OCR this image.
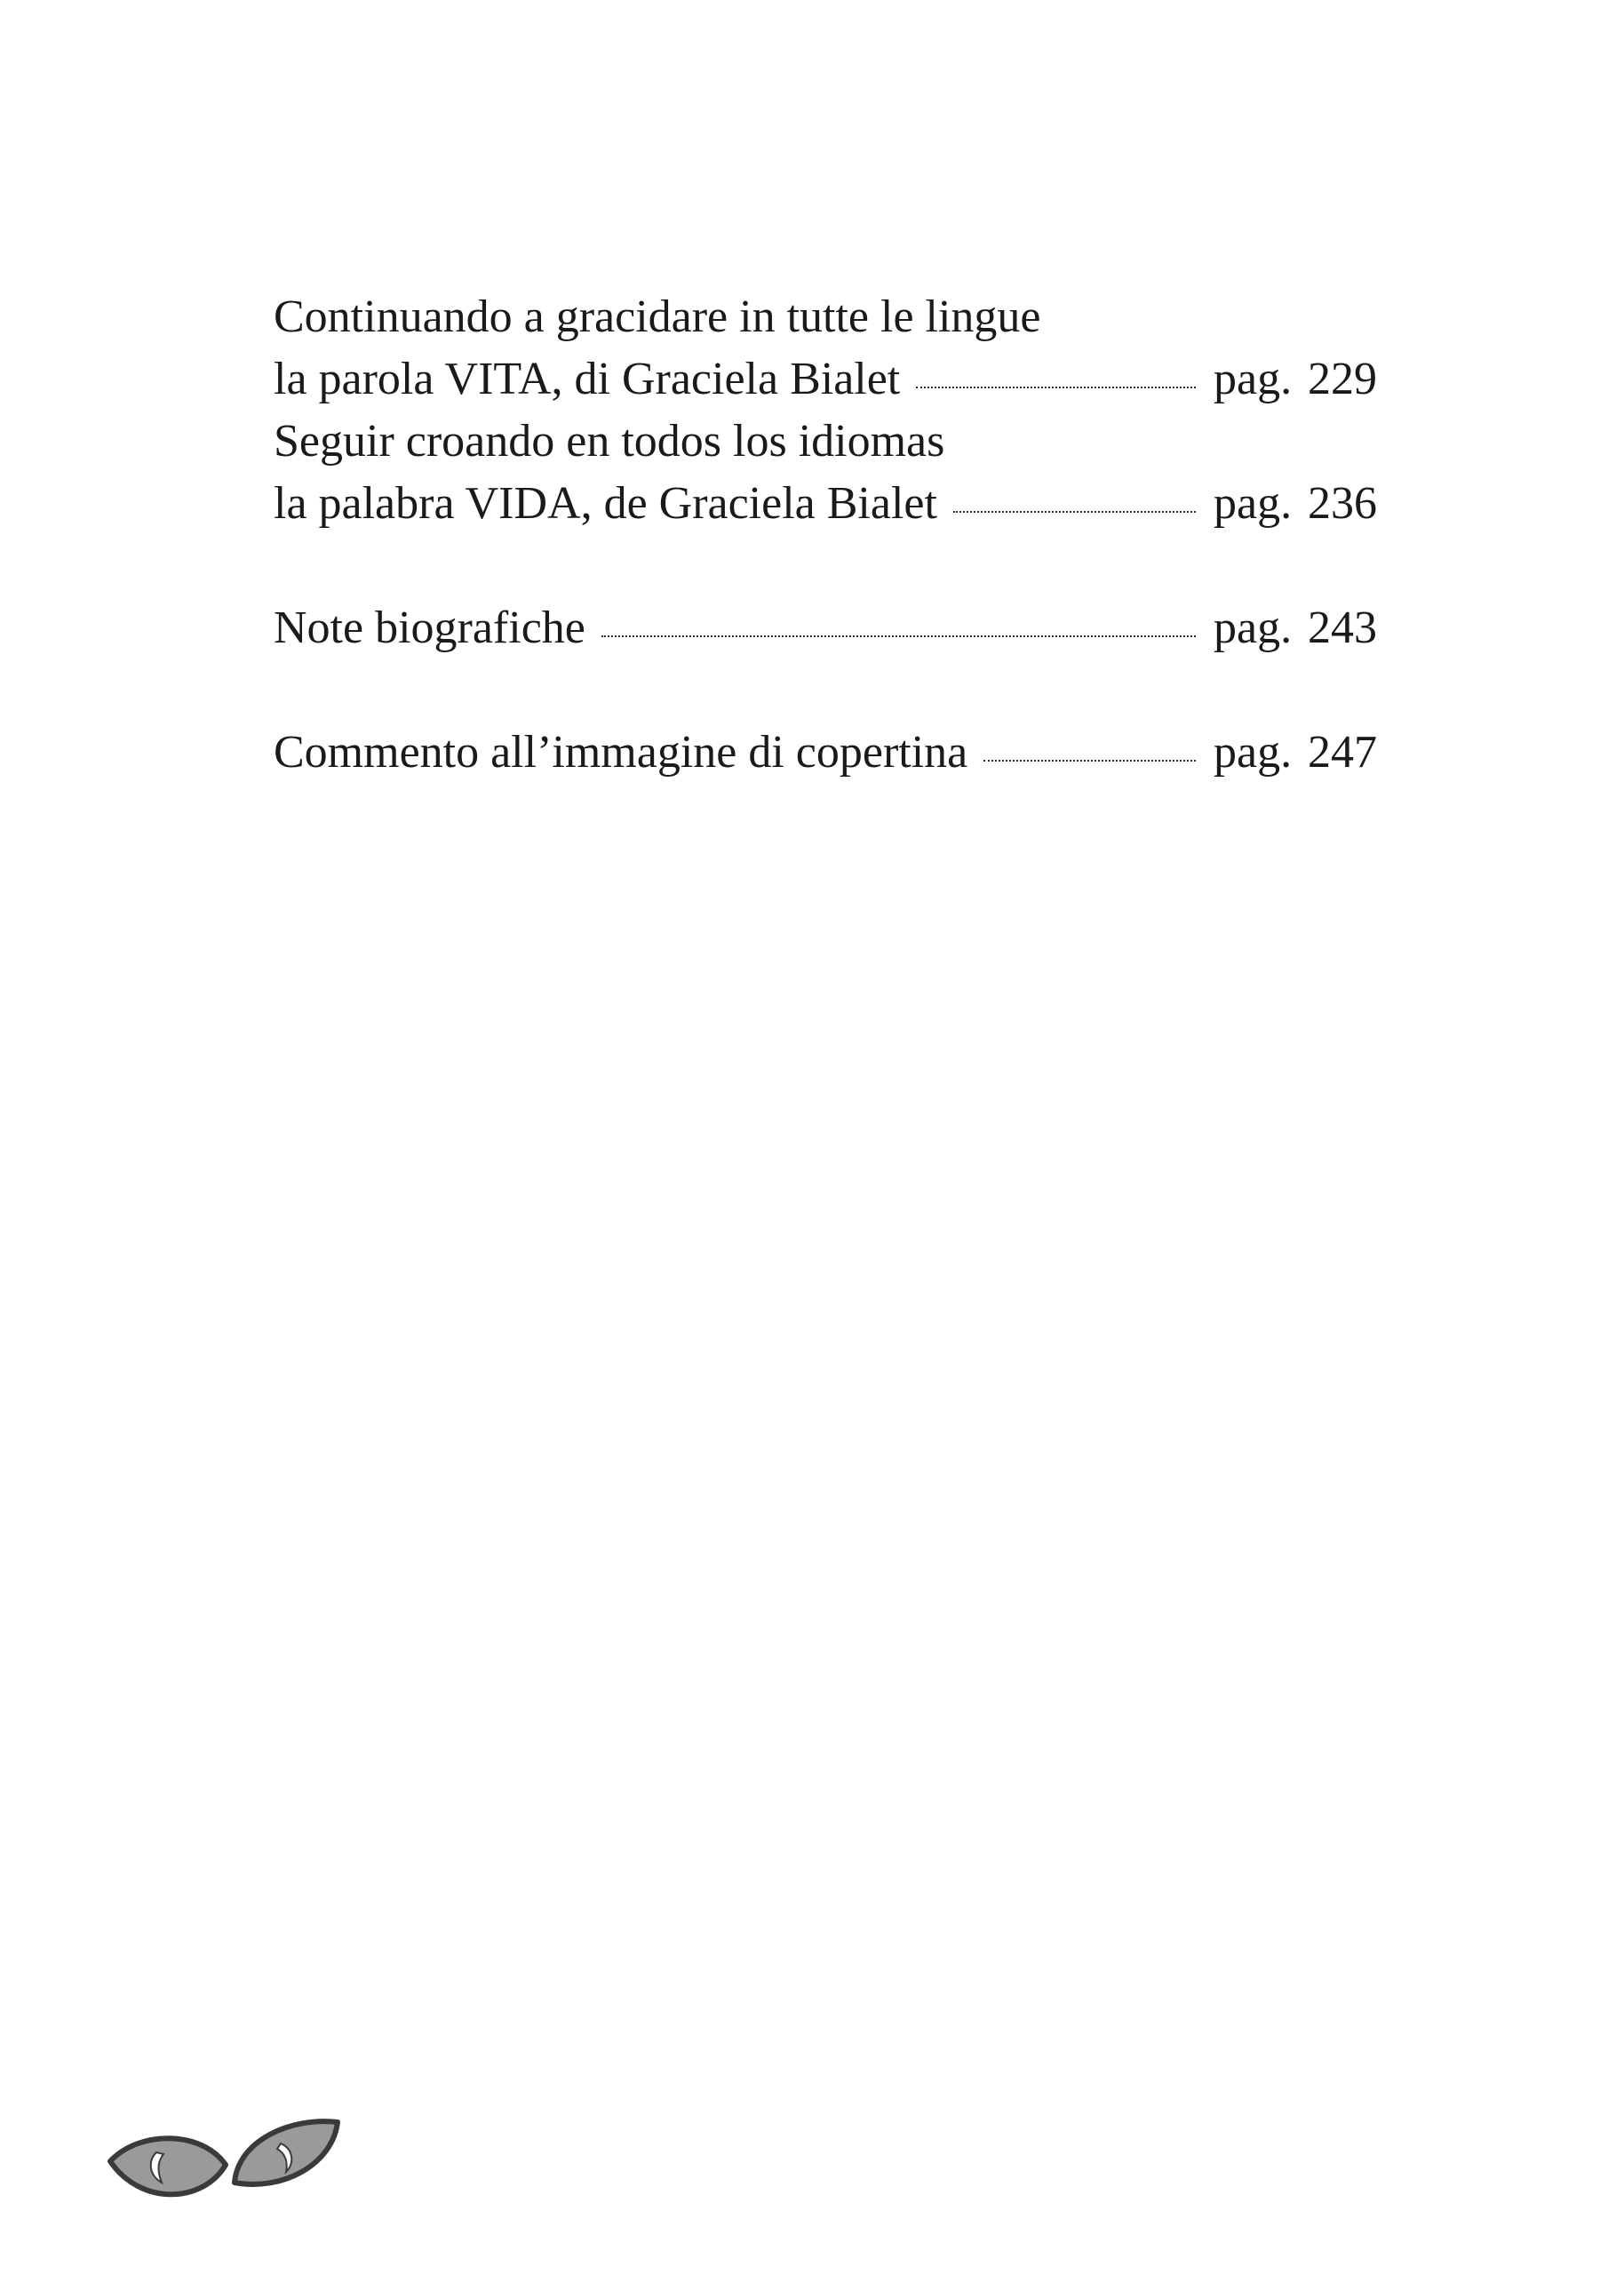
Continuando a gracidare in tutte le lingue
la parola VITA, di Graciela Bialet	pag. 229
Seguir croando en todos los idiomas
la palabra VIDA, de Graciela Bialet	pag. 236
Note biografiche	pag. 243
Commento all’immagine di copertina	pag. 247
